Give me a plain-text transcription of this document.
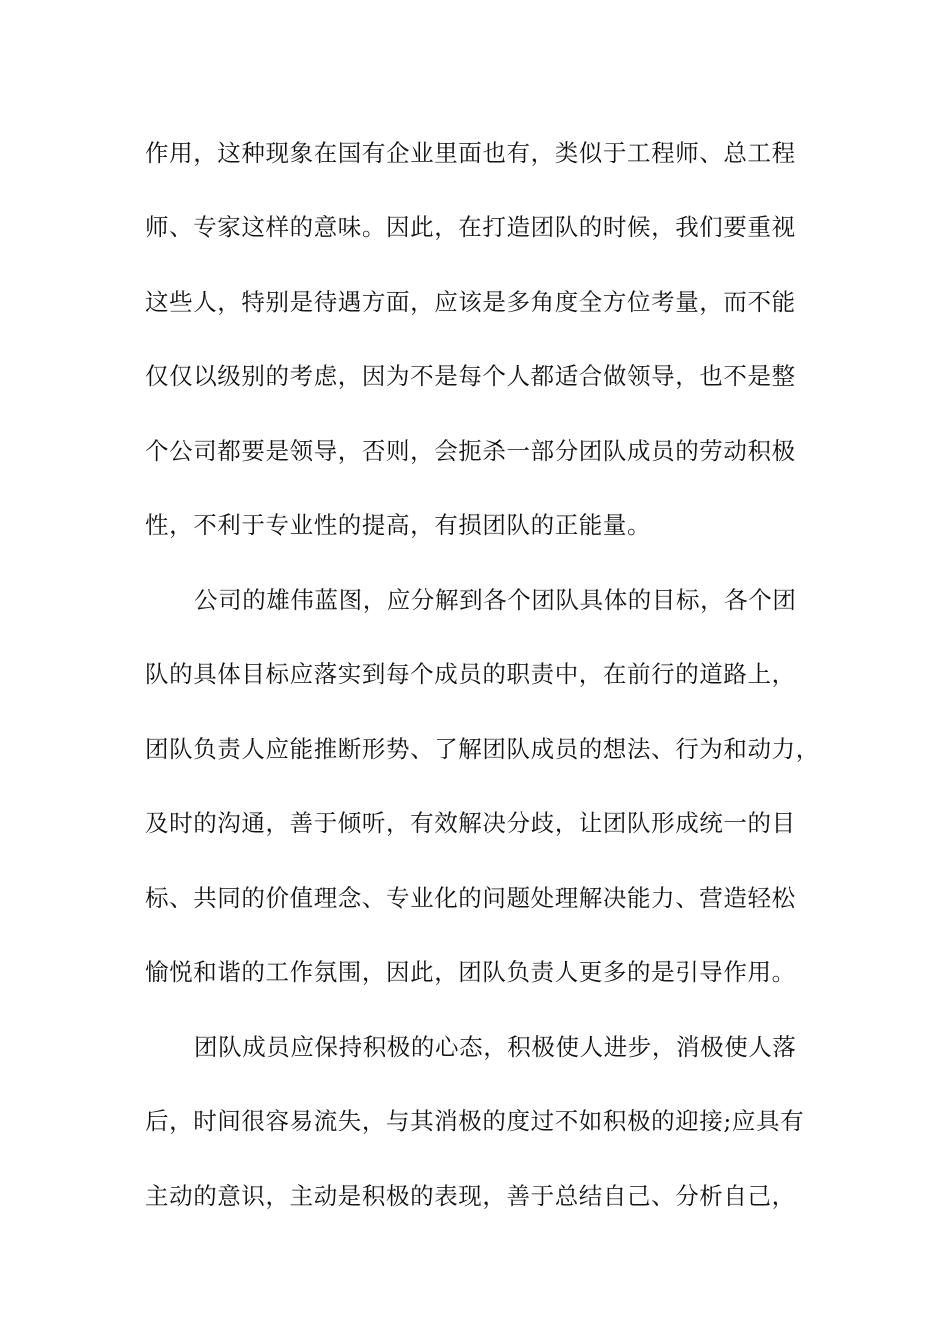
作用，这种现象在国有企业里面也有，类似于工程师、总工程
师、专家这样的意味。因此，在打造团队的时候，我们要重视
这些人，特别是待遇方面，应该是多角度全方位考量，而不能
仅仅以级别的考虑，因为不是每个人都适合做领导，也不是整
个公司都要是领导，否则，会扼杀一部分团队成员的劳动积极
性，不利于专业性的提高，有损团队的正能量。
公司的雄伟蓝图，应分解到各个团队具体的目标，各个团
队的具体目标应落实到每个成员的职责中，在前行的道路上，
团队负责人应能推断形势、了解团队成员的想法、行为和动力，
及时的沟通，善于倾听，有效解决分歧，让团队形成统一的目
标、共同的价值理念、专业化的问题处理解决能力、营造轻松
愉悦和谐的工作氛围，因此，团队负责人更多的是引导作用。
团队成员应保持积极的心态，积极使人进步，消极使人落
后，时间很容易流失，与其消极的度过不如积极的迎接;应具有
主动的意识，主动是积极的表现，善于总结自己、分析自己，
